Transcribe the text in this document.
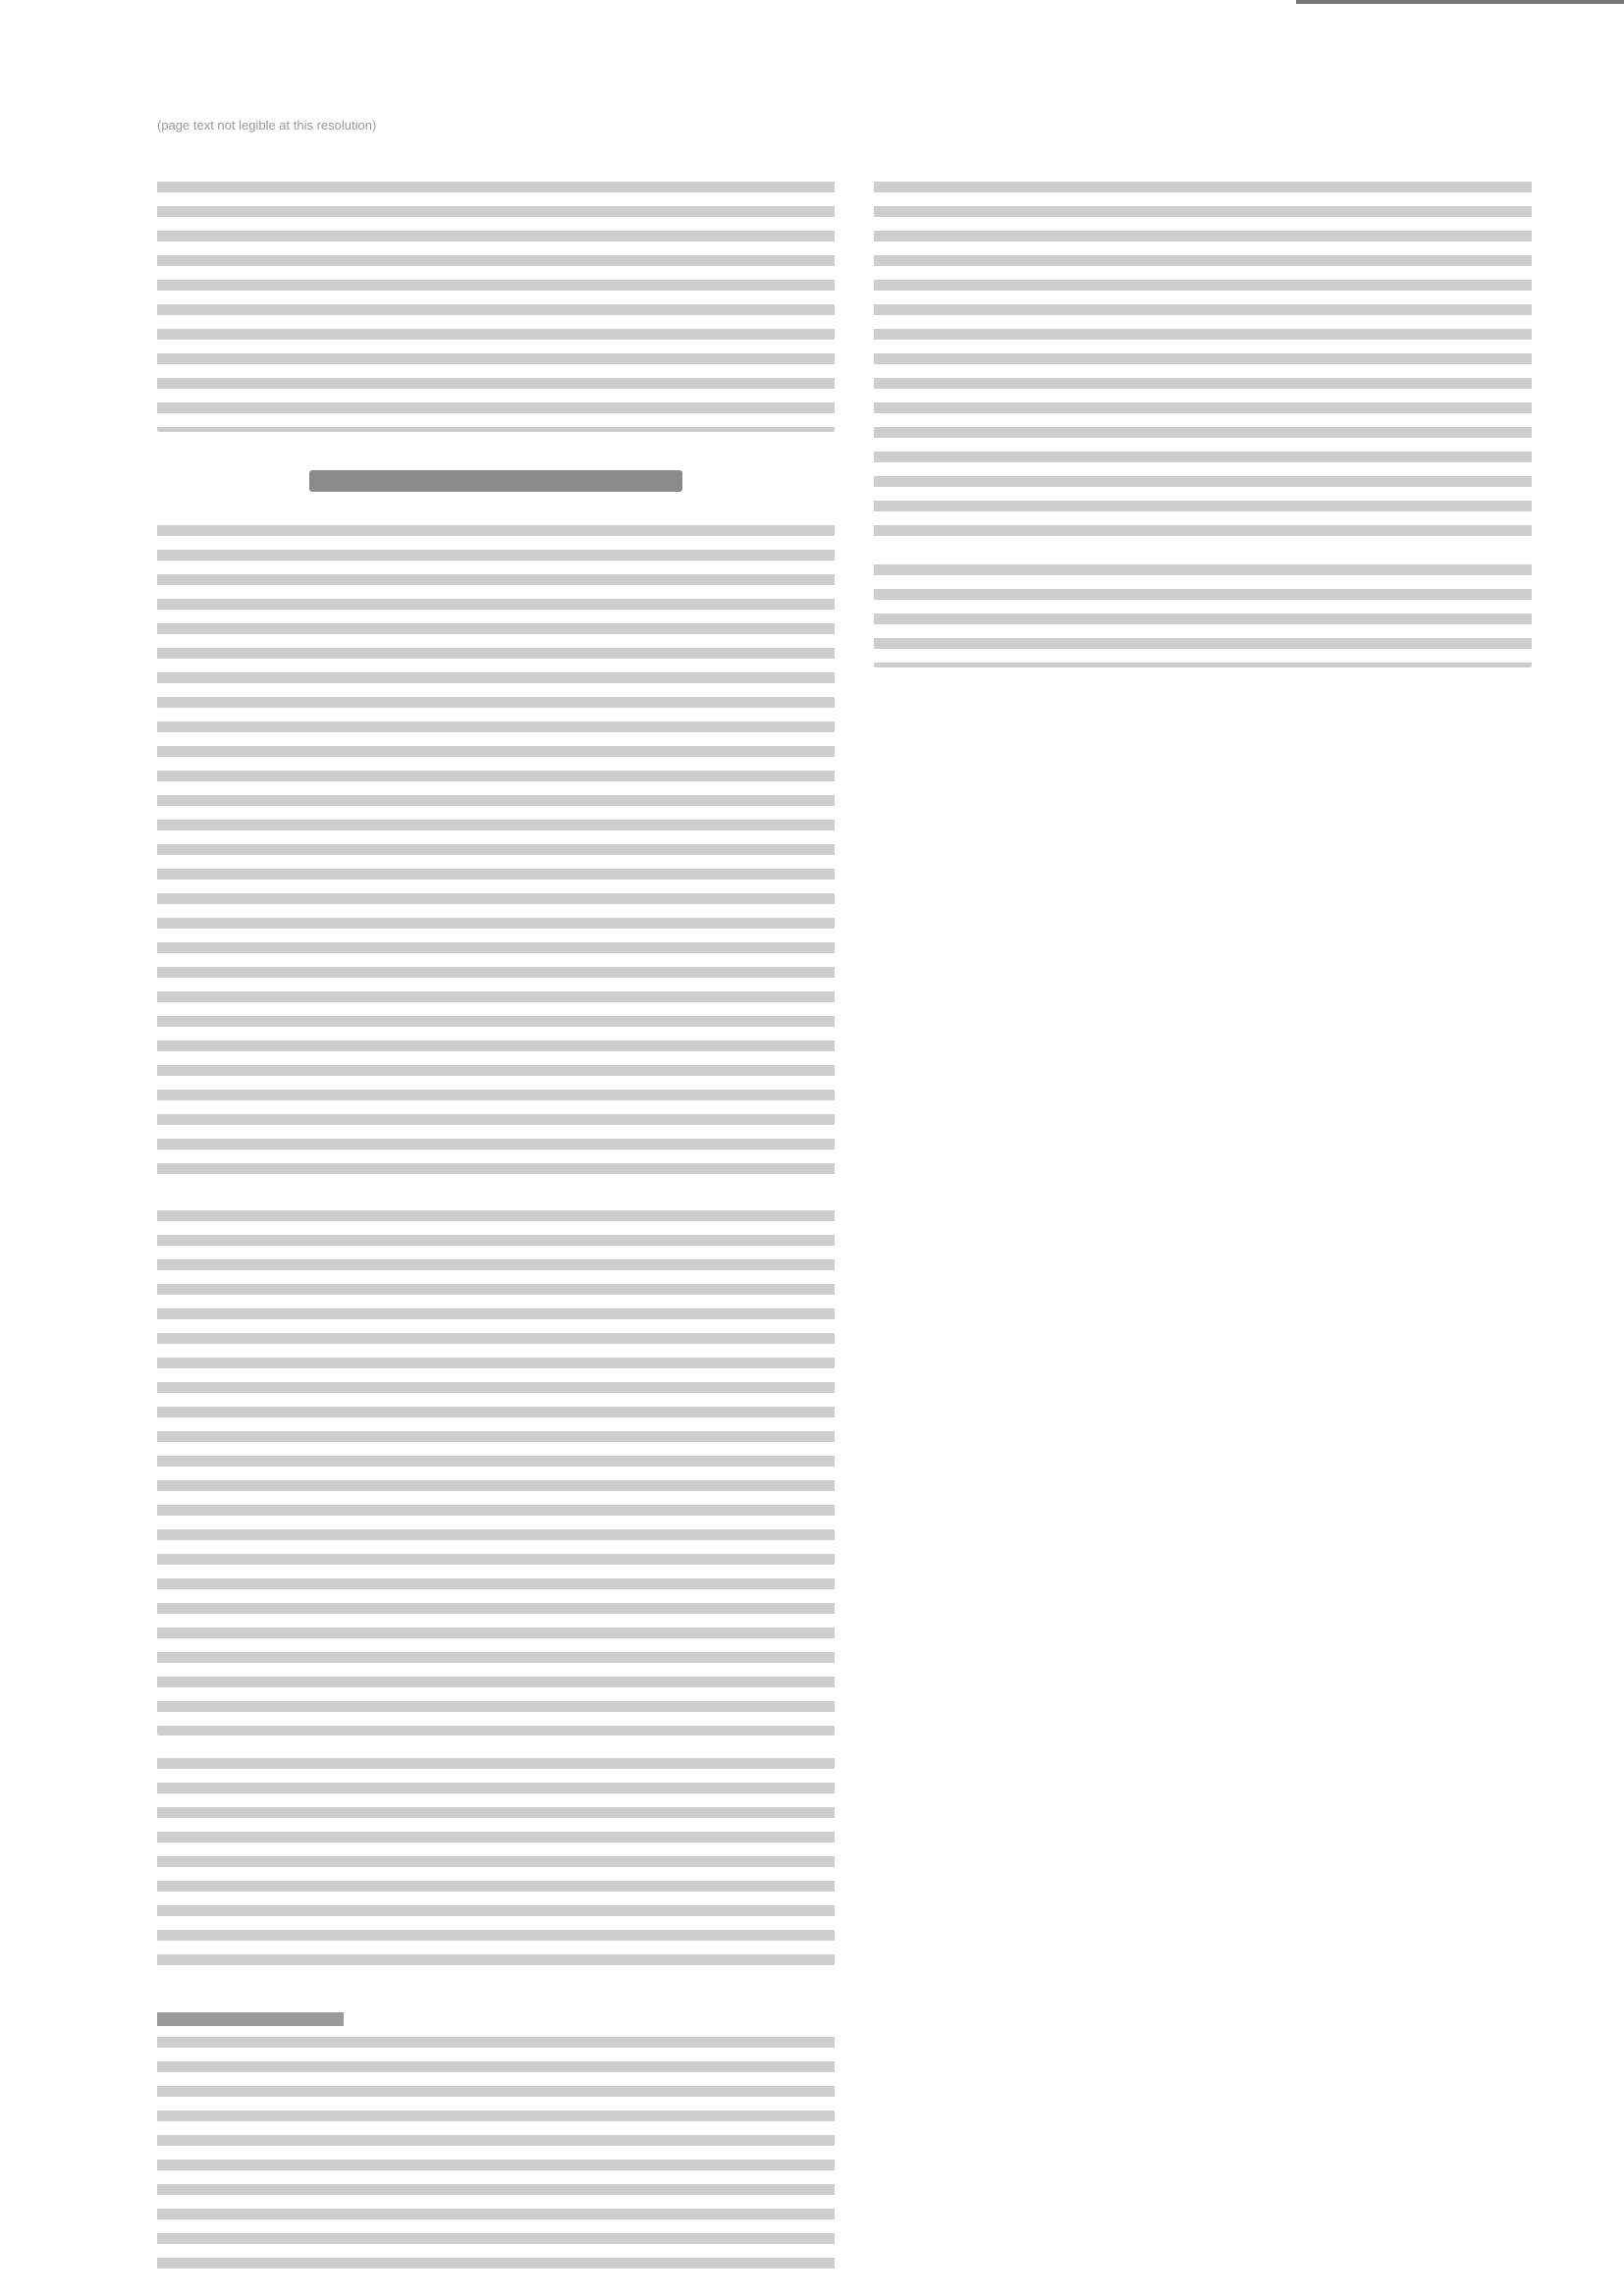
(page text not legible at this resolution)
